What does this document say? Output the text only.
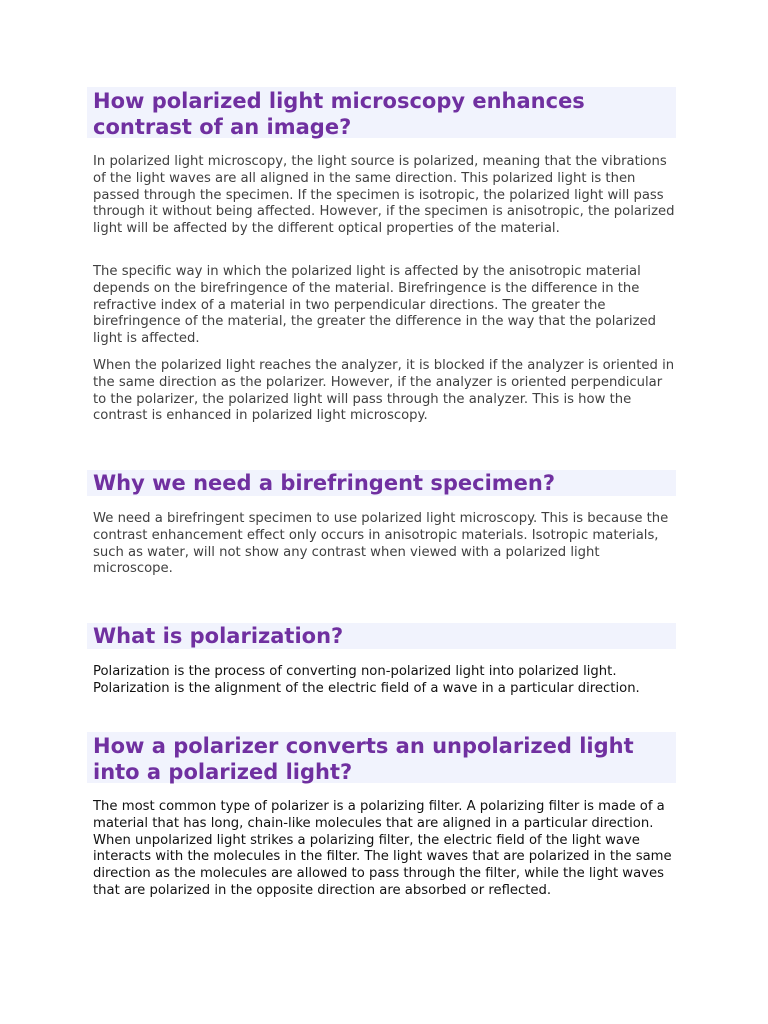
How polarized light microscopy enhances contrast of an image?

In polarized light microscopy, the light source is polarized, meaning that the vibrations of the light waves are all aligned in the same direction. This polarized light is then passed through the specimen. If the specimen is isotropic, the polarized light will pass through it without being affected. However, if the specimen is anisotropic, the polarized light will be affected by the different optical properties of the material.

The specific way in which the polarized light is affected by the anisotropic material depends on the birefringence of the material. Birefringence is the difference in the refractive index of a material in two perpendicular directions. The greater the birefringence of the material, the greater the difference in the way that the polarized light is affected.

When the polarized light reaches the analyzer, it is blocked if the analyzer is oriented in the same direction as the polarizer. However, if the analyzer is oriented perpendicular to the polarizer, the polarized light will pass through the analyzer. This is how the contrast is enhanced in polarized light microscopy.

Why we need a birefringent specimen?

We need a birefringent specimen to use polarized light microscopy. This is because the contrast enhancement effect only occurs in anisotropic materials. Isotropic materials, such as water, will not show any contrast when viewed with a polarized light microscope.

What is polarization?

Polarization is the process of converting non-polarized light into polarized light. Polarization is the alignment of the electric field of a wave in a particular direction.

How a polarizer converts an unpolarized light into a polarized light?

The most common type of polarizer is a polarizing filter. A polarizing filter is made of a material that has long, chain-like molecules that are aligned in a particular direction. When unpolarized light strikes a polarizing filter, the electric field of the light wave interacts with the molecules in the filter. The light waves that are polarized in the same direction as the molecules are allowed to pass through the filter, while the light waves that are polarized in the opposite direction are absorbed or reflected.
